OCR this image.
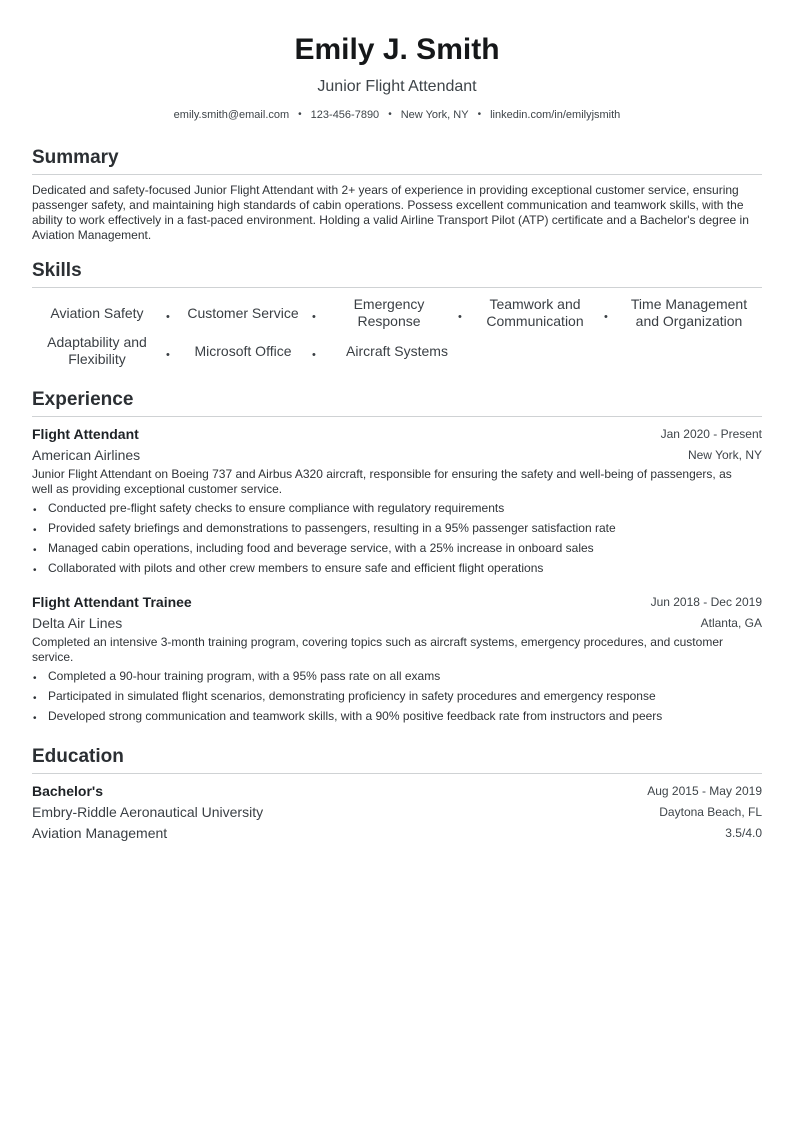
Emily J. Smith
Junior Flight Attendant
emily.smith@email.com • 123-456-7890 • New York, NY • linkedin.com/in/emilyjsmith
Summary
Dedicated and safety-focused Junior Flight Attendant with 2+ years of experience in providing exceptional customer service, ensuring passenger safety, and maintaining high standards of cabin operations. Possess excellent communication and teamwork skills, with the ability to work effectively in a fast-paced environment. Holding a valid Airline Transport Pilot (ATP) certificate and a Bachelor's degree in Aviation Management.
Skills
Aviation Safety	•	Customer Service	•
Emergency Response	•
Teamwork and Communication	•
Time Management and Organization
Adaptability and Flexibility	•	Microsoft Office	•	Aircraft Systems
Experience
Flight Attendant	Jan 2020 - Present
American Airlines	New York, NY
Junior Flight Attendant on Boeing 737 and Airbus A320 aircraft, responsible for ensuring the safety and well-being of passengers, as well as providing exceptional customer service.
• Conducted pre-flight safety checks to ensure compliance with regulatory requirements
• Provided safety briefings and demonstrations to passengers, resulting in a 95% passenger satisfaction rate
• Managed cabin operations, including food and beverage service, with a 25% increase in onboard sales
• Collaborated with pilots and other crew members to ensure safe and efficient flight operations
Flight Attendant Trainee	Jun 2018 - Dec 2019
Delta Air Lines	Atlanta, GA
Completed an intensive 3-month training program, covering topics such as aircraft systems, emergency procedures, and customer service.
• Completed a 90-hour training program, with a 95% pass rate on all exams
• Participated in simulated flight scenarios, demonstrating proficiency in safety procedures and emergency response
• Developed strong communication and teamwork skills, with a 90% positive feedback rate from instructors and peers
Education
Bachelor's	Aug 2015 - May 2019
Embry-Riddle Aeronautical University	Daytona Beach, FL
Aviation Management	3.5/4.0
